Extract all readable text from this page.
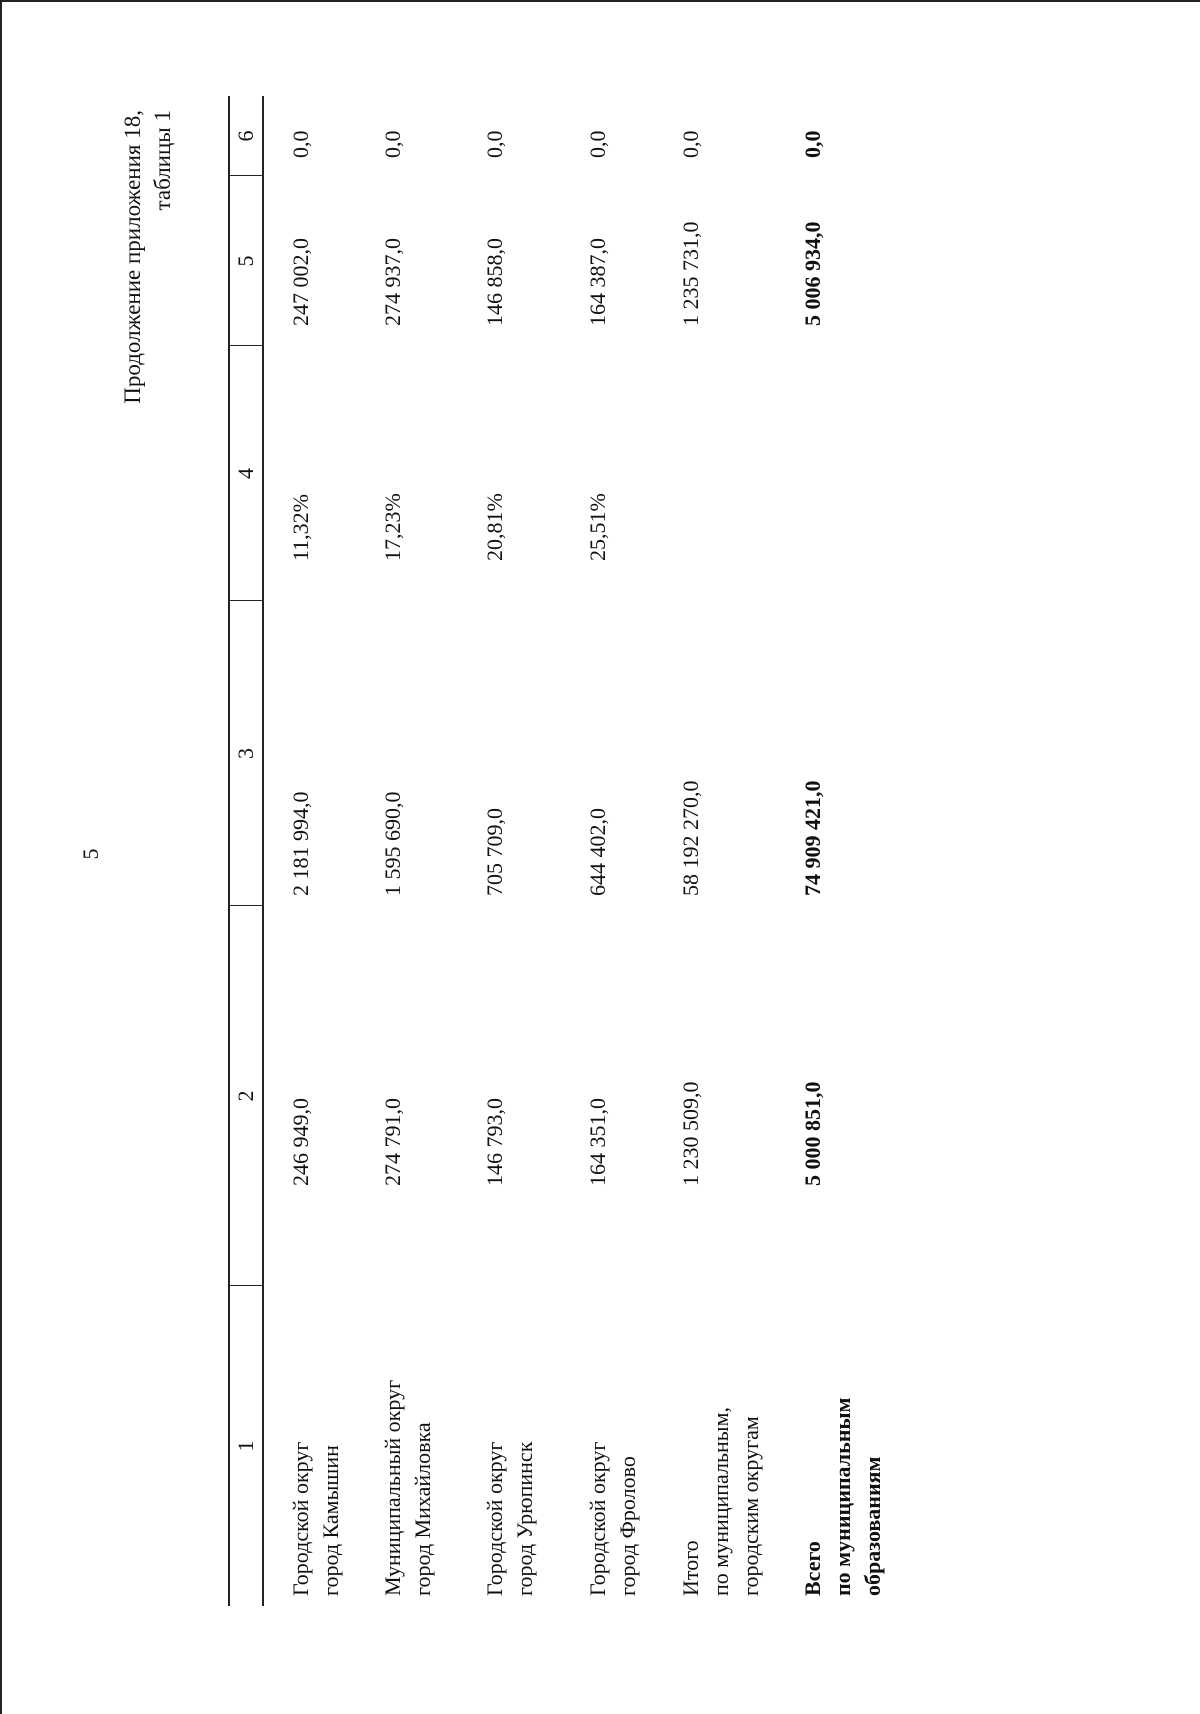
5
Продолжение приложения 18, таблицы 1
1
2
3
4
5
6
Городской округ город Камышин
246 949,0
2 181 994,0
11,32%
247 002,0
0,0
Муниципальный округ город Михайловка
274 791,0
1 595 690,0
17,23%
274 937,0
0,0
Городской округ город Урюпинск
146 793,0
705 709,0
20,81%
146 858,0
0,0
Городской округ город Фролово
164 351,0
644 402,0
25,51%
164 387,0
0,0
Итого по муниципальным, городским округам
1 230 509,0
58 192 270,0
1 235 731,0
0,0
Всего по муниципальным образованиям
5 000 851,0
74 909 421,0
5 006 934,0
0,0
